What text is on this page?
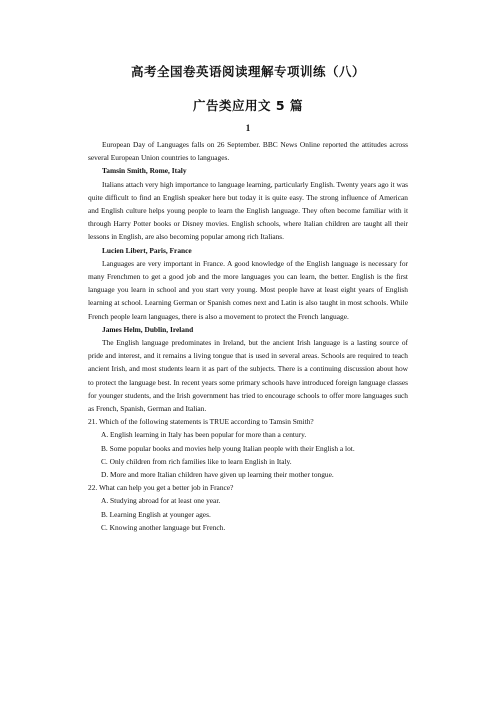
高考全国卷英语阅读理解专项训练（八）
广告类应用文 5 篇
1

European Day of Languages falls on 26 September. BBC News Online reported the attitudes across several European Union countries to languages.

Tamsin Smith, Rome, Italy

Italians attach very high importance to language learning, particularly English. Twenty years ago it was quite difficult to find an English speaker here but today it is quite easy. The strong influence of American and English culture helps young people to learn the English language. They often become familiar with it through Harry Potter books or Disney movies. English schools, where Italian children are taught all their lessons in English, are also becoming popular among rich Italians.

Lucien Libert, Paris, France

Languages are very important in France. A good knowledge of the English language is necessary for many Frenchmen to get a good job and the more languages you can learn, the better. English is the first language you learn in school and you start very young. Most people have at least eight years of English learning at school. Learning German or Spanish comes next and Latin is also taught in most schools. While French people learn languages, there is also a movement to protect the French language.

James Helm, Dublin, Ireland

The English language predominates in Ireland, but the ancient Irish language is a lasting source of pride and interest, and it remains a living tongue that is used in several areas. Schools are required to teach ancient Irish, and most students learn it as part of the subjects. There is a continuing discussion about how to protect the language best. In recent years some primary schools have introduced foreign language classes for younger students, and the Irish government has tried to encourage schools to offer more languages such as French, Spanish, German and Italian.

21. Which of the following statements is TRUE according to Tamsin Smith?

A. English learning in Italy has been popular for more than a century.

B. Some popular books and movies help young Italian people with their English a lot.

C. Only children from rich families like to learn English in Italy.

D. More and more Italian children have given up learning their mother tongue.

22. What can help you get a better job in France?

A. Studying abroad for at least one year.

B. Learning English at younger ages.

C. Knowing another language but French.
